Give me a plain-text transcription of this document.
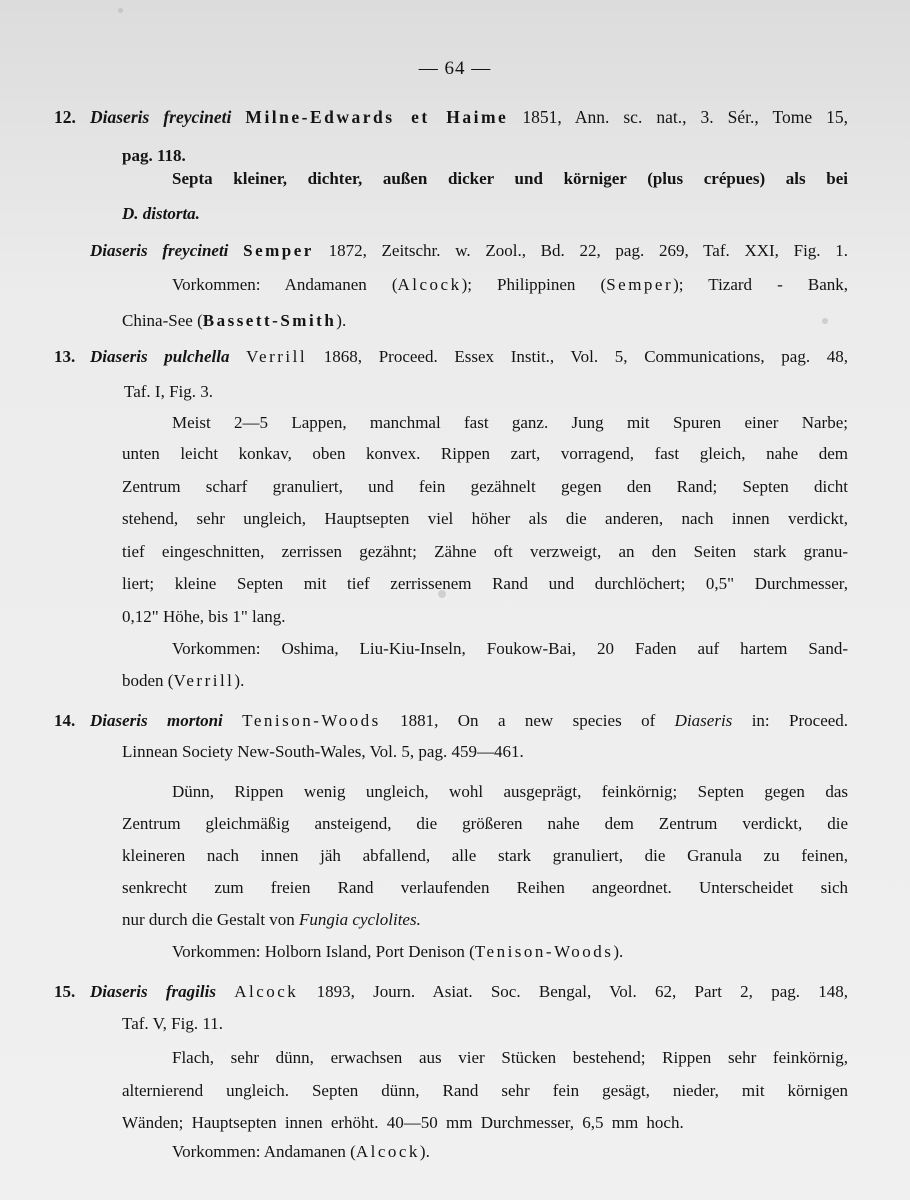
— 64 —
12. Diaseris freycineti Milne-Edwards et Haime 1851, Ann. sc. nat., 3. Sér., Tome 15,
pag. 118.
Septa kleiner, dichter, außen dicker und körniger (plus crépues) als bei
D. distorta.
Diaseris freycineti Semper 1872, Zeitschr. w. Zool., Bd. 22, pag. 269, Taf. XXI, Fig. 1.
Vorkommen: Andamanen (Alcock); Philippinen (Semper); Tizard - Bank,
China-See (Bassett-Smith).
13. Diaseris pulchella Verrill 1868, Proceed. Essex Instit., Vol. 5, Communications, pag. 48,
Taf. I, Fig. 3.
Meist 2—5 Lappen, manchmal fast ganz. Jung mit Spuren einer Narbe;
unten leicht konkav, oben konvex. Rippen zart, vorragend, fast gleich, nahe dem
Zentrum scharf granuliert, und fein gezähnelt gegen den Rand; Septen dicht
stehend, sehr ungleich, Hauptsepten viel höher als die anderen, nach innen verdickt,
tief eingeschnitten, zerrissen gezähnt; Zähne oft verzweigt, an den Seiten stark granu-
liert; kleine Septen mit tief zerrissenem Rand und durchlöchert; 0,5" Durchmesser,
0,12" Höhe, bis 1" lang.
Vorkommen: Oshima, Liu-Kiu-Inseln, Foukow-Bai, 20 Faden auf hartem Sand-
boden (Verrill).
14. Diaseris mortoni Tenison-Woods 1881, On a new species of Diaseris in: Proceed.
Linnean Society New-South-Wales, Vol. 5, pag. 459—461.
Dünn, Rippen wenig ungleich, wohl ausgeprägt, feinkörnig; Septen gegen das
Zentrum gleichmäßig ansteigend, die größeren nahe dem Zentrum verdickt, die
kleineren nach innen jäh abfallend, alle stark granuliert, die Granula zu feinen,
senkrecht zum freien Rand verlaufenden Reihen angeordnet. Unterscheidet sich
nur durch die Gestalt von Fungia cyclolites.
Vorkommen: Holborn Island, Port Denison (Tenison-Woods).
15. Diaseris fragilis Alcock 1893, Journ. Asiat. Soc. Bengal, Vol. 62, Part 2, pag. 148,
Taf. V, Fig. 11.
Flach, sehr dünn, erwachsen aus vier Stücken bestehend; Rippen sehr feinkörnig,
alternierend ungleich. Septen dünn, Rand sehr fein gesägt, nieder, mit körnigen
Wänden; Hauptsepten innen erhöht. 40—50 mm Durchmesser, 6,5 mm hoch.
Vorkommen: Andamanen (Alcock).
